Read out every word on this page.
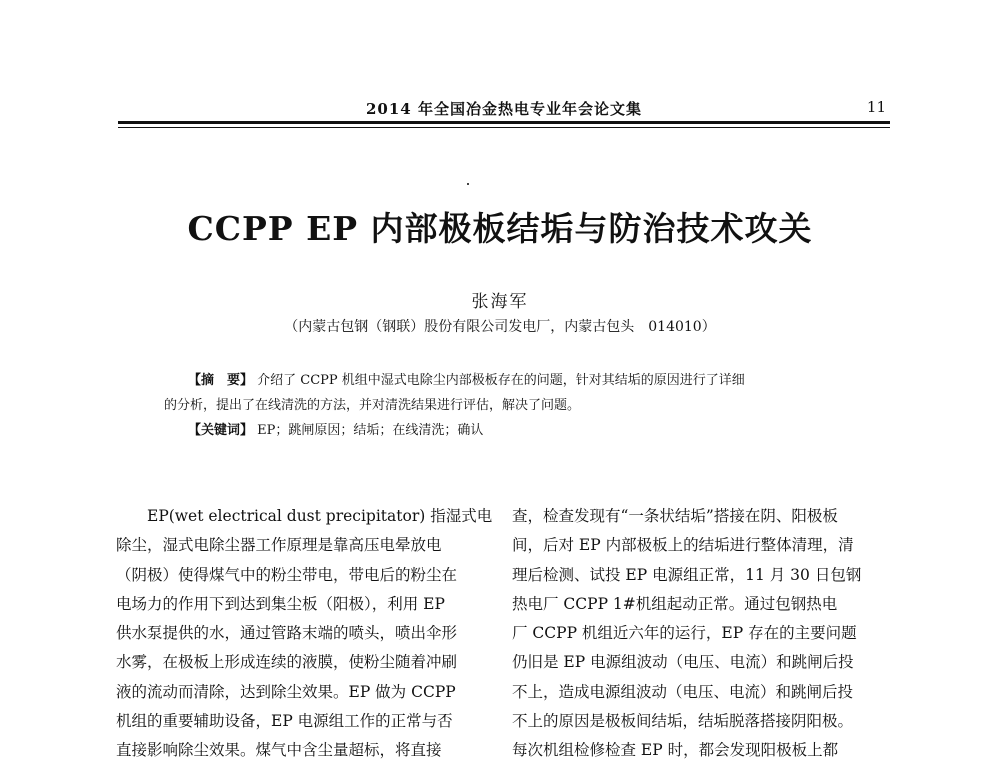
2014 年全国冶金热电专业年会论文集	11
CCPP EP 内部极板结垢与防治技术攻关
张海军
（内蒙古包钢（钢联）股份有限公司发电厂，内蒙古包头　014010）

【摘　要】 介绍了 CCPP 机组中湿式电除尘内部极板存在的问题，针对其结垢的原因进行了详细

的分析，提出了在线清洗的方法，并对清洗结果进行评估，解决了问题。

【关键词】 EP；跳闸原因；结垢；在线清洗；确认

EP(wet electrical dust precipitator) 指湿式电
除尘，湿式电除尘器工作原理是靠高压电晕放电
（阴极）使得煤气中的粉尘带电，带电后的粉尘在
电场力的作用下到达到集尘板（阳极），利用 EP
供水泵提供的水，通过管路末端的喷头，喷出伞形
水雾，在极板上形成连续的液膜，使粉尘随着冲刷
液的流动而清除，达到除尘效果。EP 做为 CCPP
机组的重要辅助设备，EP 电源组工作的正常与否
直接影响除尘效果。煤气中含尘量超标，将直接
查，检查发现有“一条状结垢”搭接在阴、阳极板
间，后对 EP 内部极板上的结垢进行整体清理，清
理后检测、试投 EP 电源组正常，11 月 30 日包钢
热电厂 CCPP 1#机组起动正常。通过包钢热电
厂 CCPP 机组近六年的运行，EP 存在的主要问题
仍旧是 EP 电源组波动（电压、电流）和跳闸后投
不上，造成电源组波动（电压、电流）和跳闸后投
不上的原因是极板间结垢，结垢脱落搭接阴阳极。
每次机组检修检查 EP 时，都会发现阳极板上都
